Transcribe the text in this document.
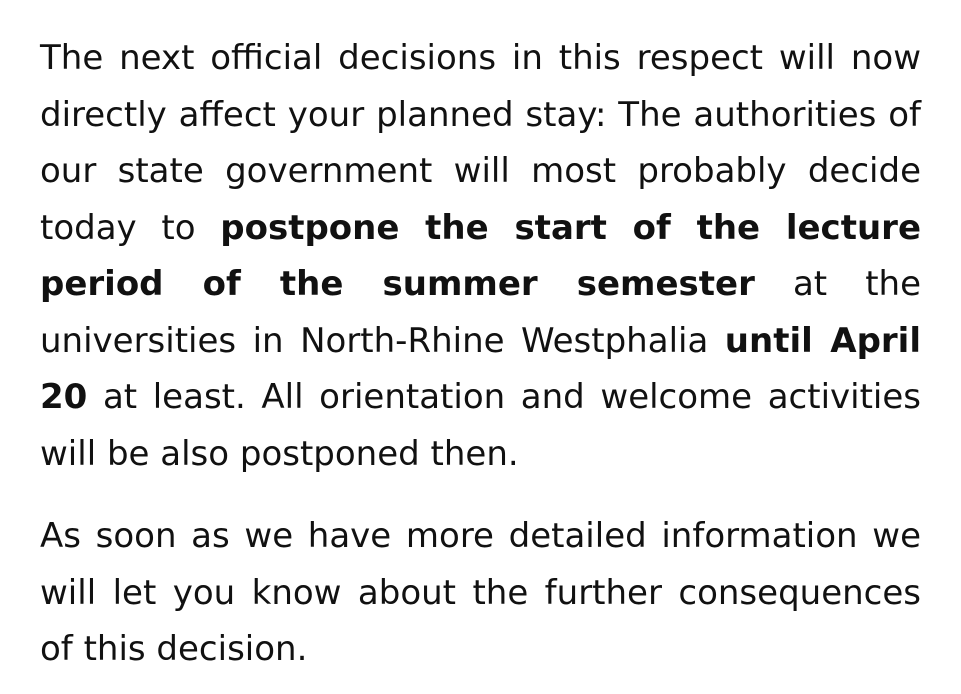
The next official decisions in this respect will now directly affect your planned stay: The authorities of our state government will most probably decide today to postpone the start of the lecture period of the summer semester at the universities in North-Rhine Westphalia until April 20 at least. All orientation and welcome activities will be also postponed then.

As soon as we have more detailed information we will let you know about the further consequences of this decision.
